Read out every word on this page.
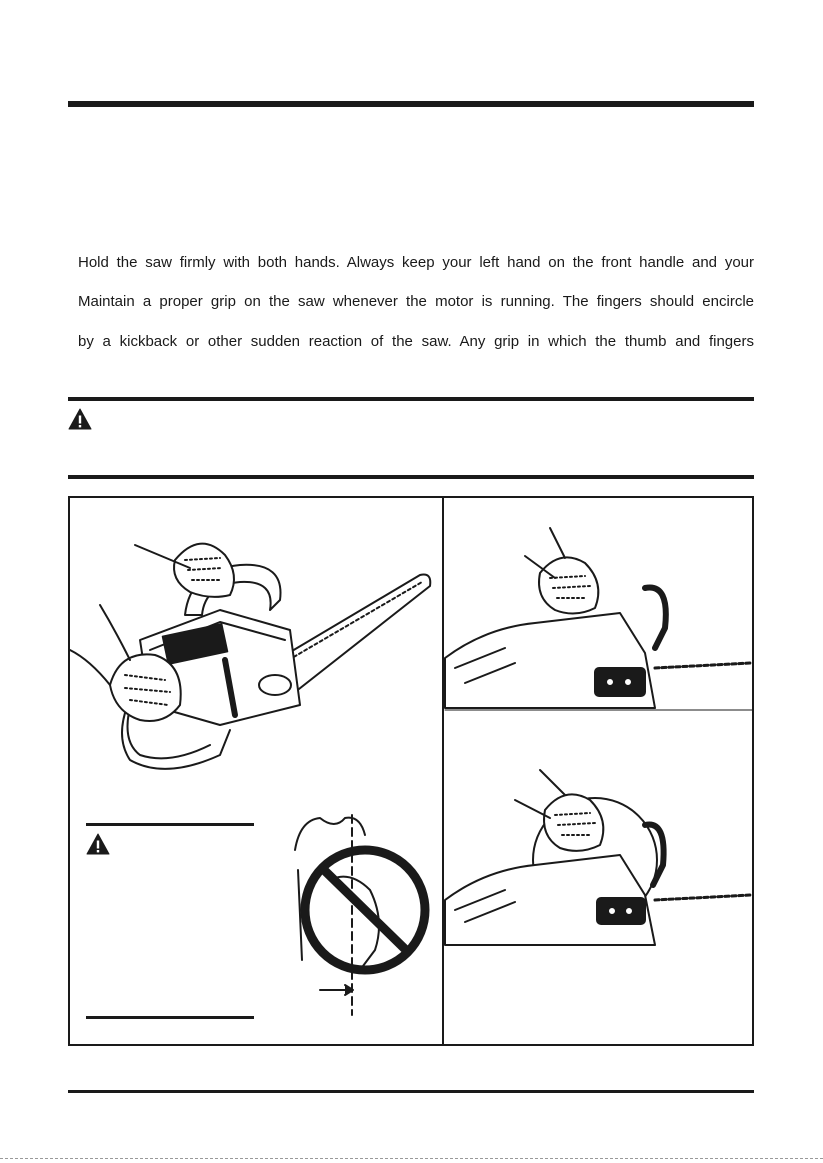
Hold the saw firmly with both hands. Always keep your left hand on the front handle and your

Maintain a proper grip on the saw whenever the motor is running. The fingers should encircle

by a kickback or other sudden reaction of the saw. Any grip in which the thumb and fingers
